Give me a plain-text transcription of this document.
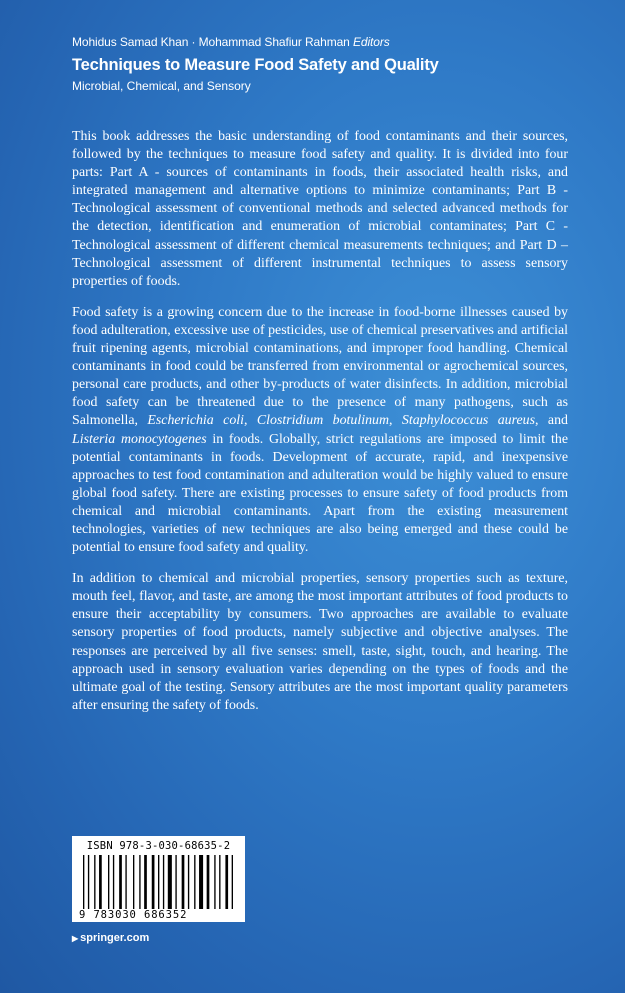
Mohidus Samad Khan · Mohammad Shafiur Rahman Editors
Techniques to Measure Food Safety and Quality
Microbial, Chemical, and Sensory

This book addresses the basic understanding of food contaminants and their sources, followed by the techniques to measure food safety and quality. It is divided into four parts: Part A - sources of contaminants in foods, their associated health risks, and integrated management and alternative options to minimize contaminants; Part B - Technological assessment of conventional methods and selected advanced methods for the detection, identification and enumeration of microbial contaminates; Part C - Technological assessment of different chemical measurements techniques; and Part D – Technological assessment of different instrumental techniques to assess sensory properties of foods.

Food safety is a growing concern due to the increase in food-borne illnesses caused by food adulteration, excessive use of pesticides, use of chemical preservatives and artificial fruit ripening agents, microbial contaminations, and improper food handling. Chemical contaminants in food could be transferred from environmental or agrochemical sources, personal care products, and other by-products of water disinfects. In addition, microbial food safety can be threatened due to the presence of many pathogens, such as Salmonella, Escherichia coli, Clostridium botulinum, Staphylococcus aureus, and Listeria monocytogenes in foods. Globally, strict regulations are imposed to limit the potential contaminants in foods. Development of accurate, rapid, and inexpensive approaches to test food contamination and adulteration would be highly valued to ensure global food safety. There are existing processes to ensure safety of food products from chemical and microbial contaminants. Apart from the existing measurement technologies, varieties of new techniques are also being emerged and these could be potential to ensure food safety and quality.

In addition to chemical and microbial properties, sensory properties such as texture, mouth feel, flavor, and taste, are among the most important attributes of food products to ensure their acceptability by consumers. Two approaches are available to evaluate sensory properties of food products, namely subjective and objective analyses. The responses are perceived by all five senses: smell, taste, sight, touch, and hearing. The approach used in sensory evaluation varies depending on the types of foods and the ultimate goal of the testing. Sensory attributes are the most important quality parameters after ensuring the safety of foods.

ISBN 978-3-030-68635-2
9 783030 686352
▶ springer.com
